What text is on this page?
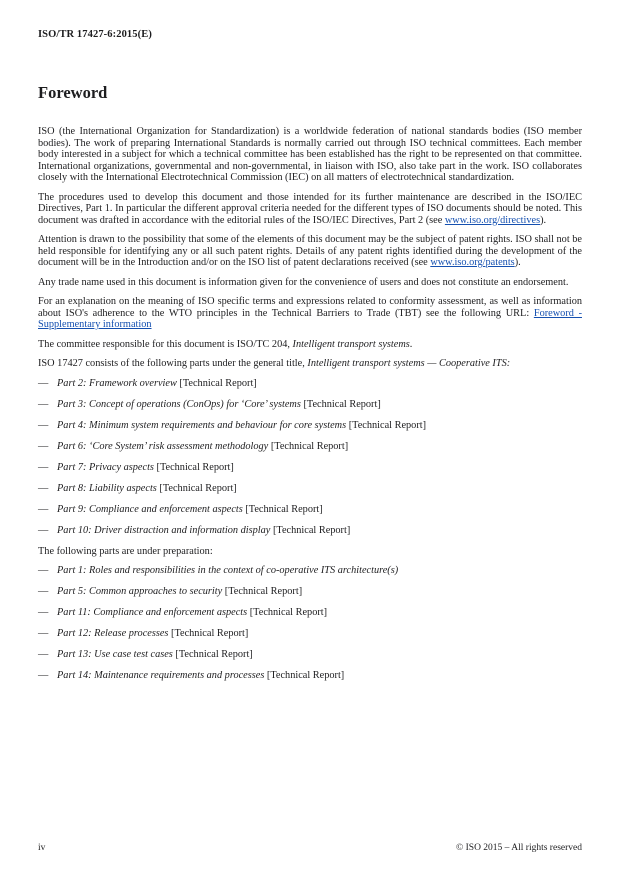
ISO/TR 17427-6:2015(E)
Foreword

ISO (the International Organization for Standardization) is a worldwide federation of national standards bodies (ISO member bodies). The work of preparing International Standards is normally carried out through ISO technical committees. Each member body interested in a subject for which a technical committee has been established has the right to be represented on that committee. International organizations, governmental and non-governmental, in liaison with ISO, also take part in the work. ISO collaborates closely with the International Electrotechnical Commission (IEC) on all matters of electrotechnical standardization.

The procedures used to develop this document and those intended for its further maintenance are described in the ISO/IEC Directives, Part 1. In particular the different approval criteria needed for the different types of ISO documents should be noted. This document was drafted in accordance with the editorial rules of the ISO/IEC Directives, Part 2 (see www.iso.org/directives).

Attention is drawn to the possibility that some of the elements of this document may be the subject of patent rights. ISO shall not be held responsible for identifying any or all such patent rights. Details of any patent rights identified during the development of the document will be in the Introduction and/or on the ISO list of patent declarations received (see www.iso.org/patents).

Any trade name used in this document is information given for the convenience of users and does not constitute an endorsement.

For an explanation on the meaning of ISO specific terms and expressions related to conformity assessment, as well as information about ISO's adherence to the WTO principles in the Technical Barriers to Trade (TBT) see the following URL: Foreword - Supplementary information

The committee responsible for this document is ISO/TC 204, Intelligent transport systems.

ISO 17427 consists of the following parts under the general title, Intelligent transport systems — Cooperative ITS:

— Part 2: Framework overview [Technical Report]
— Part 3: Concept of operations (ConOps) for ‘Core’ systems [Technical Report]
— Part 4: Minimum system requirements and behaviour for core systems [Technical Report]
— Part 6: ‘Core System’ risk assessment methodology [Technical Report]
— Part 7: Privacy aspects [Technical Report]
— Part 8: Liability aspects [Technical Report]
— Part 9: Compliance and enforcement aspects [Technical Report]
— Part 10: Driver distraction and information display [Technical Report]

The following parts are under preparation:

— Part 1: Roles and responsibilities in the context of co-operative ITS architecture(s)
— Part 5: Common approaches to security [Technical Report]
— Part 11: Compliance and enforcement aspects [Technical Report]
— Part 12: Release processes [Technical Report]
— Part 13: Use case test cases [Technical Report]
— Part 14: Maintenance requirements and processes [Technical Report]
iv	© ISO 2015 – All rights reserved
